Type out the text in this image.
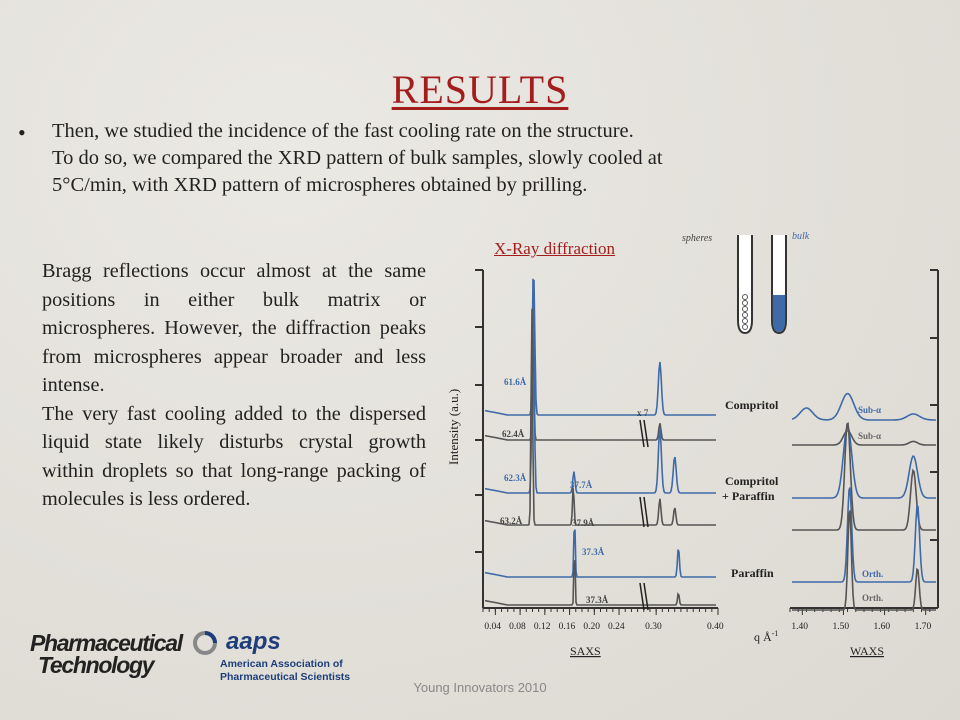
RESULTS
• Then, we studied the incidence of the fast cooling rate on the structure.
To do so, we compared the XRD pattern of bulk samples, slowly cooled at
5°C/min, with XRD pattern of microspheres obtained by prilling.

Bragg reflections occur almost at the same positions in either bulk matrix or microspheres. However, the diffraction peaks from microspheres appear broader and less intense.

The very fast cooling added to the dispersed liquid state likely disturbs crystal growth within droplets so that long-range packing of molecules is less ordered.

X-Ray diffraction
spheres	bulk
0.04 0.08 0.12 0.16 0.20 0.24 0.30	0.40	1.40	1.50	1.60	1.70
61.6Å
62.4Å
62.3Å
37.7Å
63.2Å	37.9Å
37.3Å
37.3Å
x 7
Compritol
Compritol
+ Paraffin
Paraffin
Sub-α
Sub-α
Orth.
Orth.
Intensity (a.u.)
q $Å^{-1}$
SAXS	WAXS
Pharmaceutical
Technology
aaps
American Association of
Pharmaceutical Scientists
Young Innovators 2010
